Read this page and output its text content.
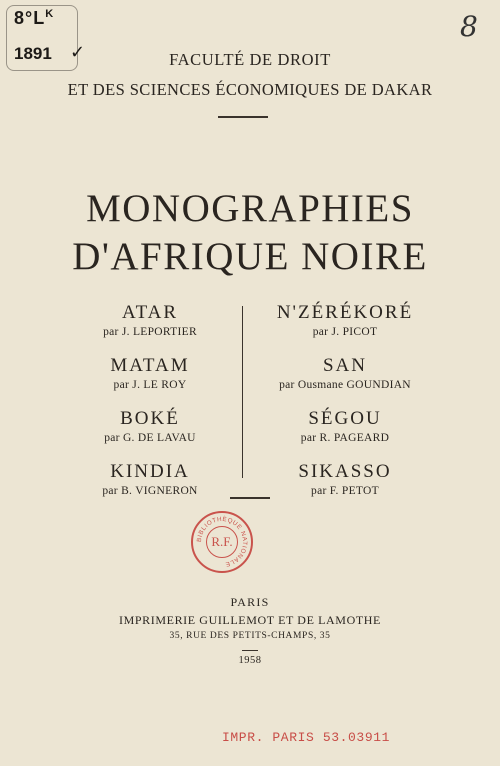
$8^\circ L^K$
1891 ✓
8
FACULTÉ DE DROIT
ET DES SCIENCES ÉCONOMIQUES DE DAKAR
MONOGRAPHIES
D'AFRIQUE NOIRE
ATAR
par J. LEPORTIER
MATAM
par J. LE ROY
BOKÉ
par G. DE LAVAU
KINDIA
par B. VIGNERON
N'ZÉRÉKORÉ
par J. PICOT
SAN
par Ousmane GOUNDIAN
SÉGOU
par R. PAGEARD
SIKASSO
par F. PETOT
BIBLIOTHÈQUE NATIONALE
R.F.
PARIS
IMPRIMERIE GUILLEMOT ET DE LAMOTHE
35, RUE DES PETITS-CHAMPS, 35
1958
IMPR. PARIS 53.03911
